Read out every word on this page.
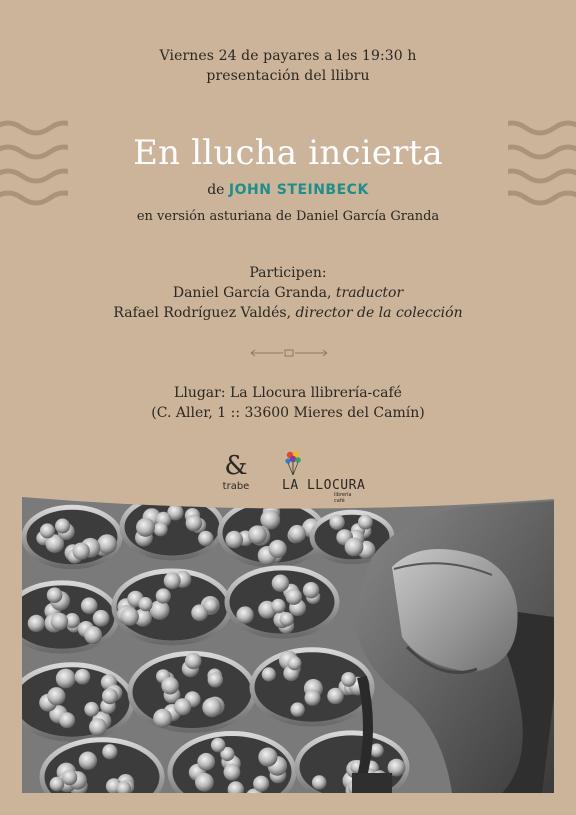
Viernes 24 de payares a les 19:30 h
presentación del llibru
En llucha incierta
de JOHN STEINBECK
en versión asturiana de Daniel García Granda
Participen:
Daniel García Granda, traductor
Rafael Rodríguez Valdés, director de la colección
Llugar: La Llocura llibrería-café
(C. Aller, 1 :: 33600 Mieres del Camín)
&
trabe	LA LLOCURA
librería café
